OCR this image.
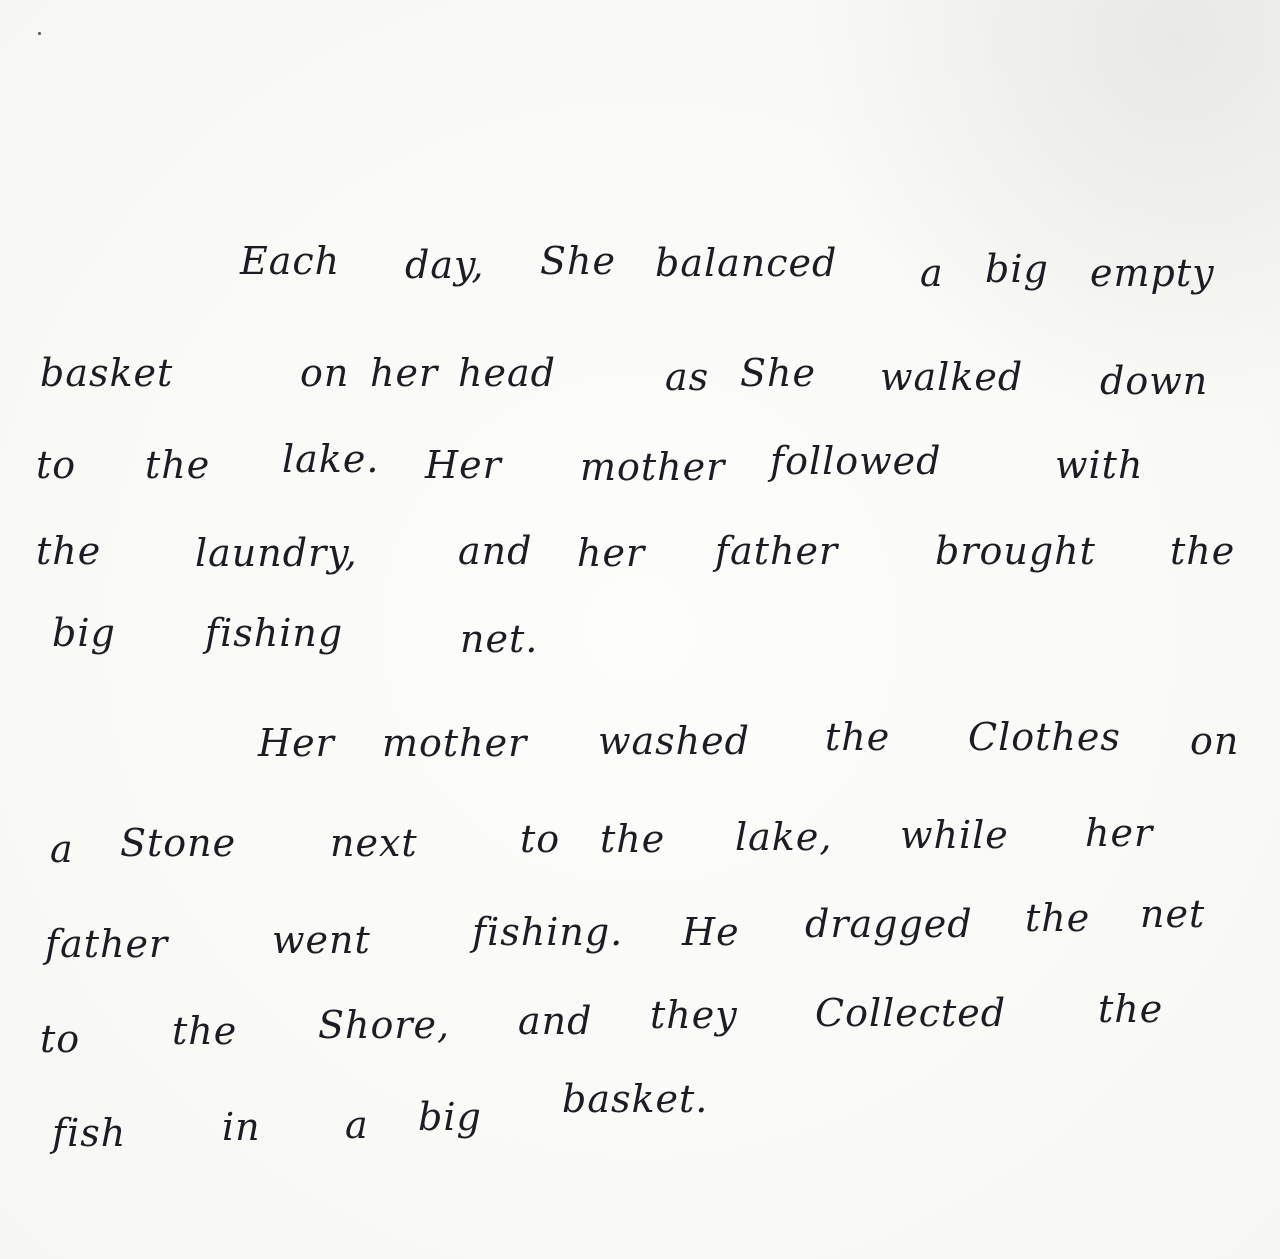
Each day, She balanced a big empty
basket	on her head	as She walked down
to the lake. Her mother followed	with
the laundry,	and her father	brought the
big fishing	net.
Her mother washed the Clothes on
a Stone next	to the lake, while her
father	went	fishing. He dragged the net
to the Shore, and they Collected the
fish	in a big basket.
